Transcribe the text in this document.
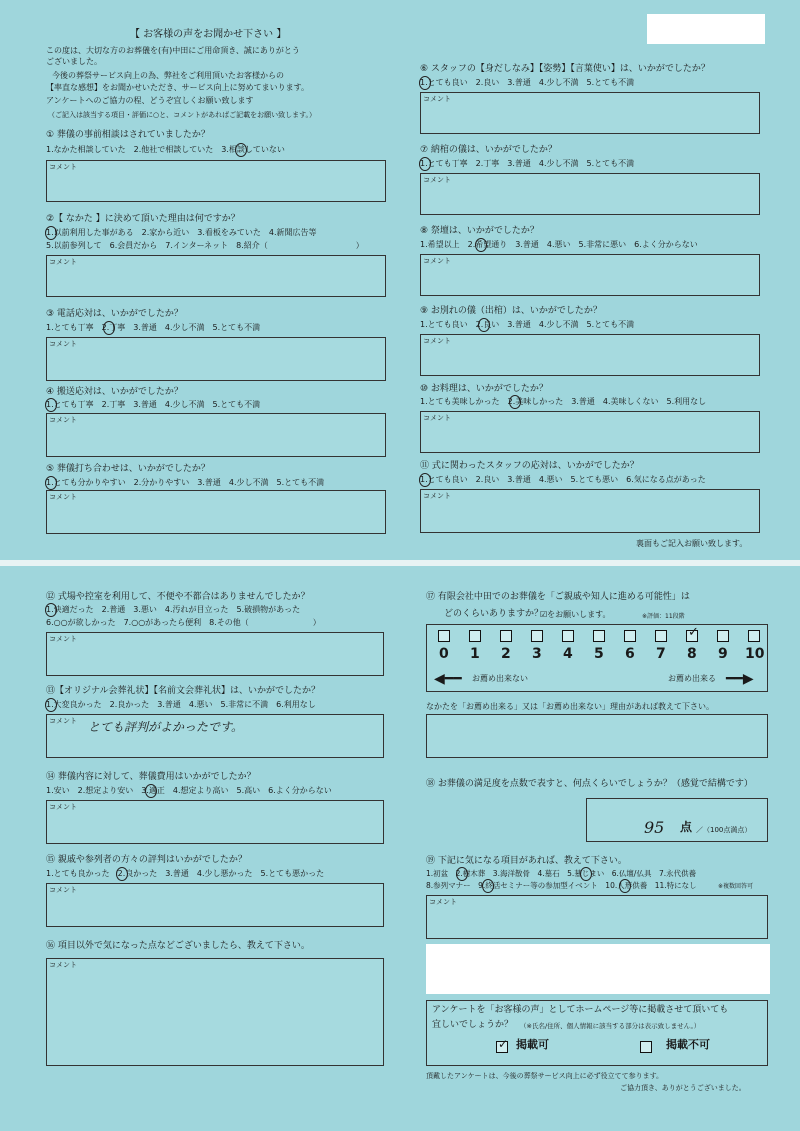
【 お客様の声をお聞かせ下さい 】
この度は、大切な方のお葬儀を(有)中田にご用命頂き、誠にありがとう
ございました。
今後の葬祭サービス向上の為、弊社をご利用頂いたお客様からの
【率直な感想】をお聞かせいただき、サービス向上に努めてまいります。
アンケートへのご協力の程、どうぞ宜しくお願い致します
（ご記入は該当する項目・評価に○と、コメントがあればご記載をお願い致します。）
① 葬儀の事前相談はされていましたか？
1.なかた相談していた　2.他社で相談していた　3.相談していない
コメント
②【 なかた 】に決めて頂いた理由は何ですか？
1.以前利用した事がある　2.家から近い　3.看板をみていた　4.新聞広告等
5.以前参列して　6.会員だから　7.インターネット　8.紹介（　　　　　　　　　　　）
コメント
③ 電話応対は、いかがでしたか？
1.とても丁寧　2.丁寧　3.普通　4.少し不満　5.とても不満
コメント
④ 搬送応対は、いかがでしたか？
1.とても丁寧　2.丁寧　3.普通　4.少し不満　5.とても不満
コメント
⑤ 葬儀打ち合わせは、いかがでしたか？
1.とても分かりやすい　2.分かりやすい　3.普通　4.少し不満　5.とても不満
コメント
⑥ スタッフの【身だしなみ】【姿勢】【言葉使い】は、いかがでしたか？
1.とても良い　2.良い　3.普通　4.少し不満　5.とても不満
コメント
⑦ 納棺の儀は、いかがでしたか？
1.とても丁寧　2.丁寧　3.普通　4.少し不満　5.とても不満
コメント
⑧ 祭壇は、いかがでしたか？
1.希望以上　2.希望通り　3.普通　4.悪い　5.非常に悪い　6.よく分からない
コメント
⑨ お別れの儀（出棺）は、いかがでしたか？
1.とても良い　2.良い　3.普通　4.少し不満　5.とても不満
コメント
⑩ お料理は、いかがでしたか？
1.とても美味しかった　2.美味しかった　3.普通　4.美味しくない　5.利用なし
コメント
⑪ 式に関わったスタッフの応対は、いかがでしたか？
1.とても良い　2.良い　3.普通　4.悪い　5.とても悪い　6.気になる点があった
コメント
裏面もご記入お願い致します。
⑫ 式場や控室を利用して、不便や不都合はありませんでしたか？
1.快適だった　2.普通　3.悪い　4.汚れが目立った　5.破損物があった
6.○○が欲しかった　7.○○があったら便利　8.その他（　　　　　　　　）
コメント
⑬【オリジナル会葬礼状】【名前文会葬礼状】は、いかがでしたか？
1.大変良かった　2.良かった　3.普通　4.悪い　5.非常に不満　6.利用なし
コメント とても評判がよかったです。
⑭ 葬儀内容に対して、葬儀費用はいかがでしたか？
1.安い　2.想定より安い　3.適正　4.想定より高い　5.高い　6.よく分からない
コメント
⑮ 親戚や参列者の方々の評判はいかがでしたか？
1.とても良かった　2.良かった　3.普通　4.少し悪かった　5.とても悪かった
コメント
⑯ 項目以外で気になった点などございましたら、教えて下さい。
コメント
⑰ 有限会社中田でのお葬儀を「ご親戚や知人に進める可能性」は
どのくらいありますか？
☑をお願いします。	※評価：11段階
0 1 2 3 4 5 6 7
✓
8 9 10
◀━━ お薦め出来ない	お薦め出来る ━━▶
なかたを「お薦め出来る」又は「お薦め出来ない」理由があれば教えて下さい。
⑱ お葬儀の満足度を点数で表すと、何点くらいでしょうか？（感覚で結構です）
95 点 ／（100点満点）
⑲ 下記に気になる項目があれば、教えて下さい。
1.初盆　2.樹木葬　3.海洋散骨　4.墓石　5.墓じまい　6.仏壇/仏具　7.永代供養
8.参列マナー　9.終活セミナー等の参加型イベント　10.人形供養　11.特になし	※複数回答可
コメント
アンケートを「お客様の声」としてホームページ等に掲載させて頂いても
宜しいでしょうか？ （※氏名/住所、個人情報に該当する部分は表示致しません。）
✓ 掲載可	掲載不可
頂戴したアンケートは、今後の葬祭サービス向上に必ず役立てて参ります。
ご協力頂き、ありがとうございました。
